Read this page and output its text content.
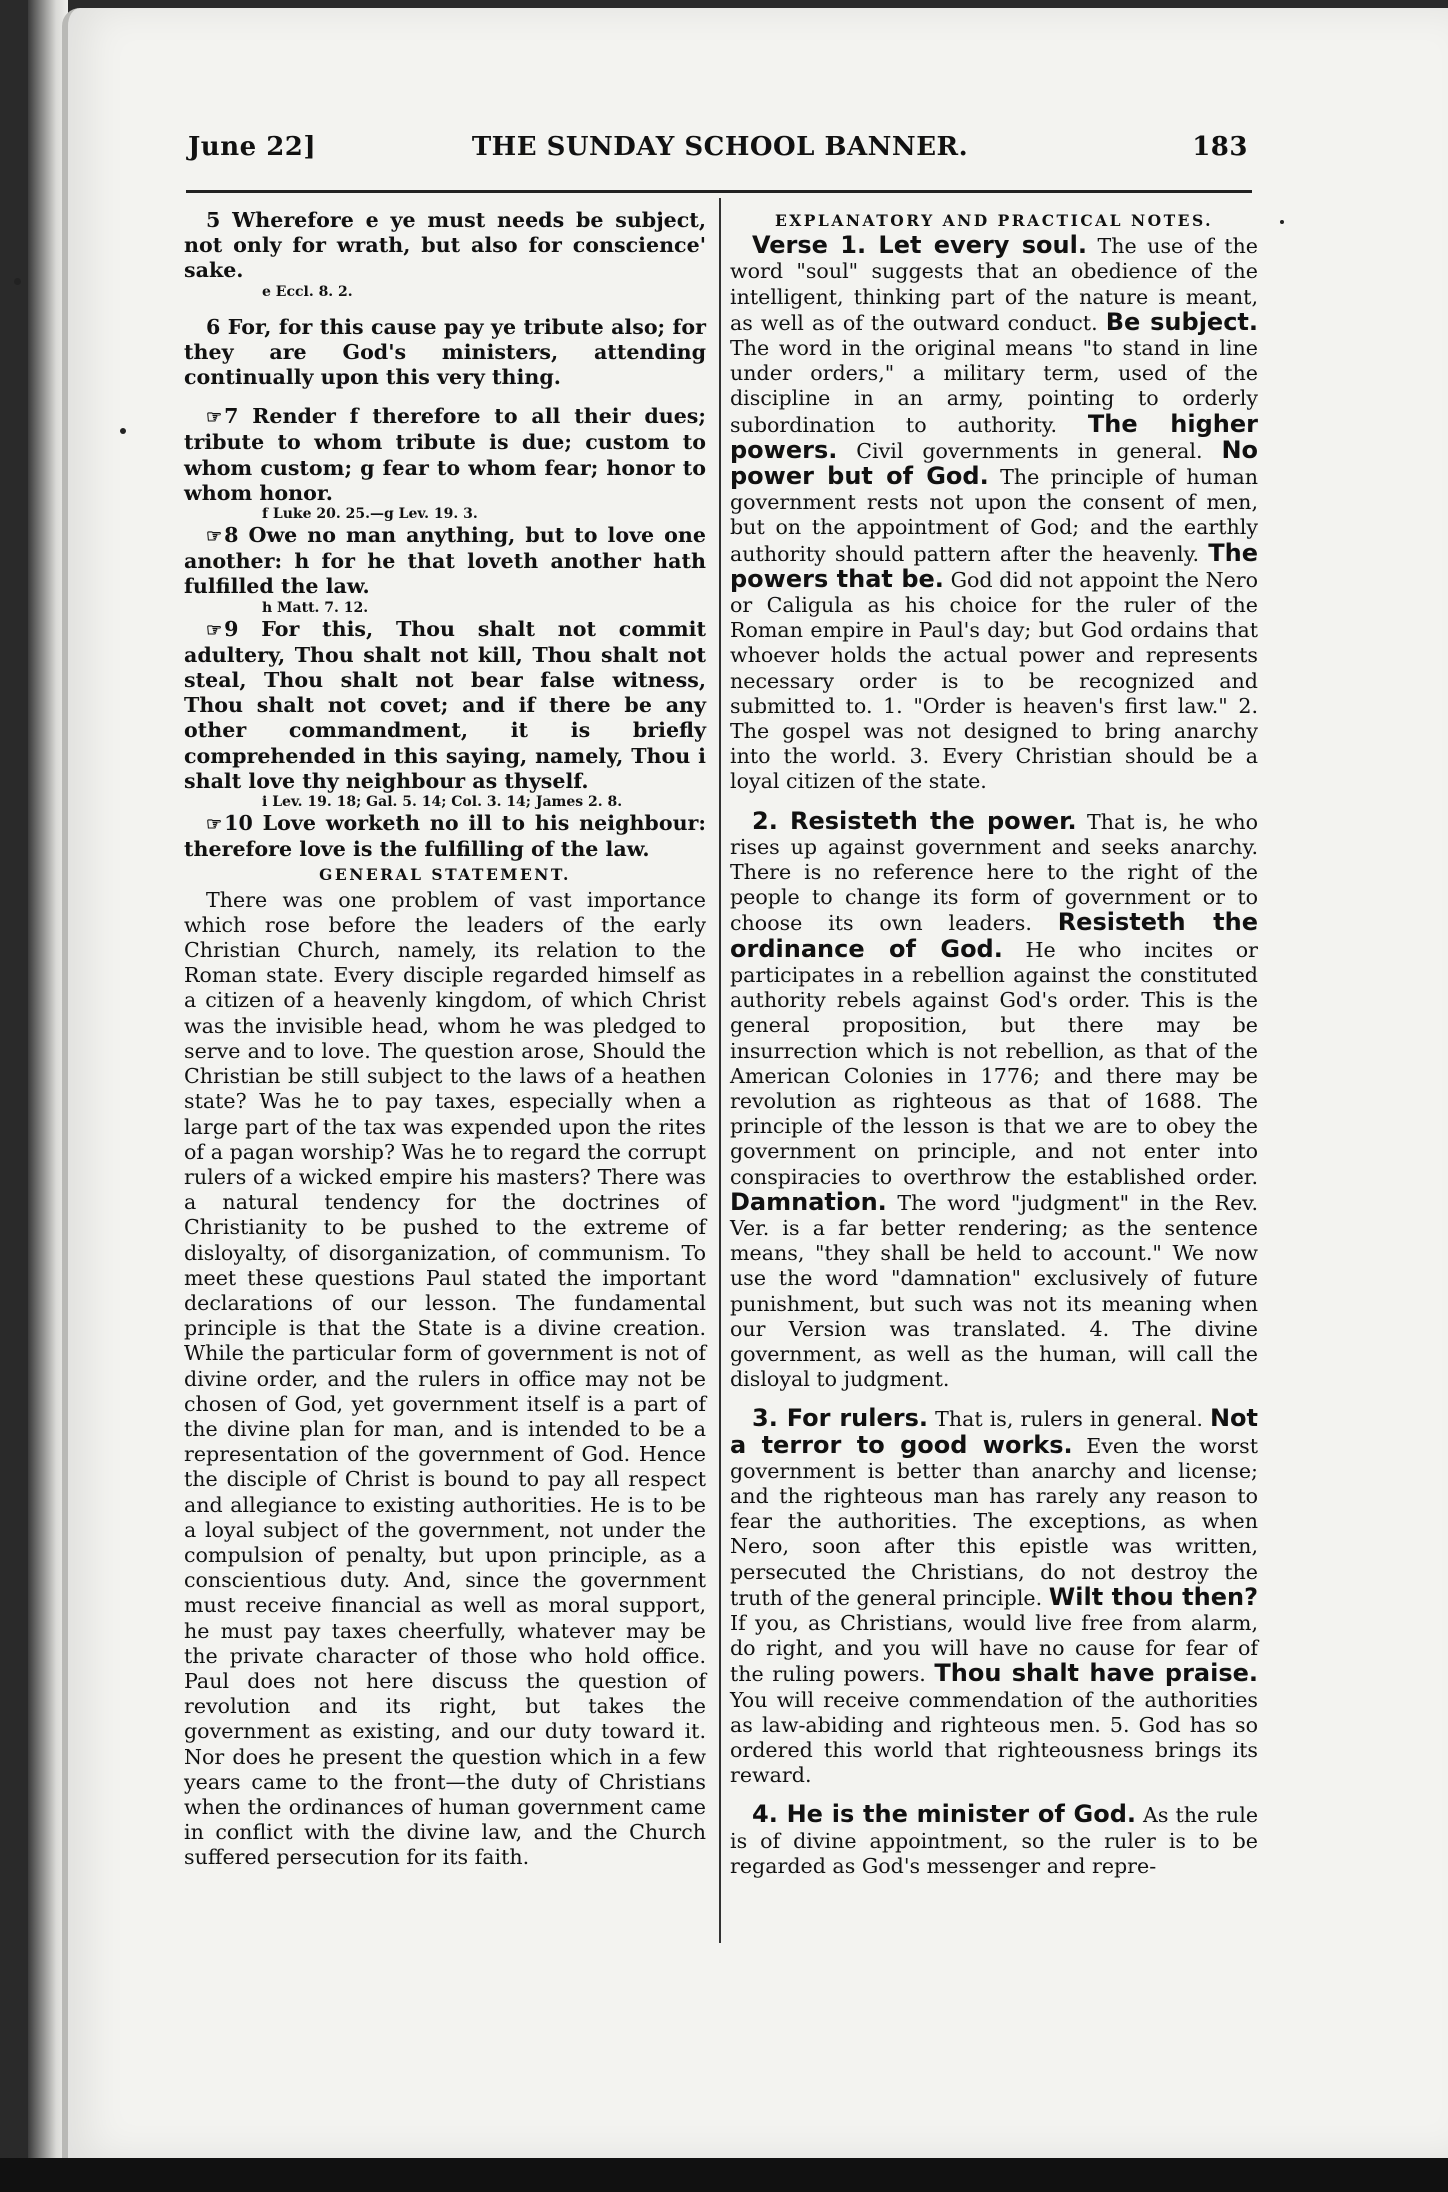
June 22]	THE SUNDAY SCHOOL BANNER.	183

5 Wherefore e ye must needs be subject, not only for wrath, but also for conscience' sake.

e Eccl. 8. 2.

6 For, for this cause pay ye tribute also; for they are God's ministers, attending continually upon this very thing.

☞7 Render f therefore to all their dues; tribute to whom tribute is due; custom to whom custom; g fear to whom fear; honor to whom honor.

f Luke 20. 25.—g Lev. 19. 3.

☞8 Owe no man anything, but to love one another: h for he that loveth another hath fulfilled the law.

h Matt. 7. 12.

☞9 For this, Thou shalt not commit adultery, Thou shalt not kill, Thou shalt not steal, Thou shalt not bear false witness, Thou shalt not covet; and if there be any other commandment, it is briefly comprehended in this saying, namely, Thou i shalt love thy neighbour as thyself.

i Lev. 19. 18; Gal. 5. 14; Col. 3. 14; James 2. 8.

☞10 Love worketh no ill to his neighbour: therefore love is the fulfilling of the law.

GENERAL STATEMENT.

There was one problem of vast importance which rose before the leaders of the early Christian Church, namely, its relation to the Roman state. Every disciple regarded himself as a citizen of a heavenly kingdom, of which Christ was the invisible head, whom he was pledged to serve and to love. The question arose, Should the Christian be still subject to the laws of a heathen state? Was he to pay taxes, especially when a large part of the tax was expended upon the rites of a pagan worship? Was he to regard the corrupt rulers of a wicked empire his masters? There was a natural tendency for the doctrines of Christianity to be pushed to the extreme of disloyalty, of disorganization, of communism. To meet these questions Paul stated the important declarations of our lesson. The fundamental principle is that the State is a divine creation. While the particular form of government is not of divine order, and the rulers in office may not be chosen of God, yet government itself is a part of the divine plan for man, and is intended to be a representation of the government of God. Hence the disciple of Christ is bound to pay all respect and allegiance to existing authorities. He is to be a loyal subject of the government, not under the compulsion of penalty, but upon principle, as a conscientious duty. And, since the government must receive financial as well as moral support, he must pay taxes cheerfully, whatever may be the private character of those who hold office. Paul does not here discuss the question of revolution and its right, but takes the government as existing, and our duty toward it. Nor does he present the question which in a few years came to the front—the duty of Christians when the ordinances of human government came in conflict with the divine law, and the Church suffered persecution for its faith.

EXPLANATORY AND PRACTICAL NOTES.

Verse 1. Let every soul. The use of the word "soul" suggests that an obedience of the intelligent, thinking part of the nature is meant, as well as of the outward conduct. Be subject. The word in the original means "to stand in line under orders," a military term, used of the discipline in an army, pointing to orderly subordination to authority. The higher powers. Civil governments in general. No power but of God. The principle of human government rests not upon the consent of men, but on the appointment of God; and the earthly authority should pattern after the heavenly. The powers that be. God did not appoint the Nero or Caligula as his choice for the ruler of the Roman empire in Paul's day; but God ordains that whoever holds the actual power and represents necessary order is to be recognized and submitted to. 1. "Order is heaven's first law." 2. The gospel was not designed to bring anarchy into the world. 3. Every Christian should be a loyal citizen of the state.

2. Resisteth the power. That is, he who rises up against government and seeks anarchy. There is no reference here to the right of the people to change its form of government or to choose its own leaders. Resisteth the ordinance of God. He who incites or participates in a rebellion against the constituted authority rebels against God's order. This is the general proposition, but there may be insurrection which is not rebellion, as that of the American Colonies in 1776; and there may be revolution as righteous as that of 1688. The principle of the lesson is that we are to obey the government on principle, and not enter into conspiracies to overthrow the established order. Damnation. The word "judgment" in the Rev. Ver. is a far better rendering; as the sentence means, "they shall be held to account." We now use the word "damnation" exclusively of future punishment, but such was not its meaning when our Version was translated. 4. The divine government, as well as the human, will call the disloyal to judgment.

3. For rulers. That is, rulers in general. Not a terror to good works. Even the worst government is better than anarchy and license; and the righteous man has rarely any reason to fear the authorities. The exceptions, as when Nero, soon after this epistle was written, persecuted the Christians, do not destroy the truth of the general principle. Wilt thou then? If you, as Christians, would live free from alarm, do right, and you will have no cause for fear of the ruling powers. Thou shalt have praise. You will receive commendation of the authorities as law-abiding and righteous men. 5. God has so ordered this world that righteousness brings its reward.

4. He is the minister of God. As the rule is of divine appointment, so the ruler is to be regarded as God's messenger and repre-
